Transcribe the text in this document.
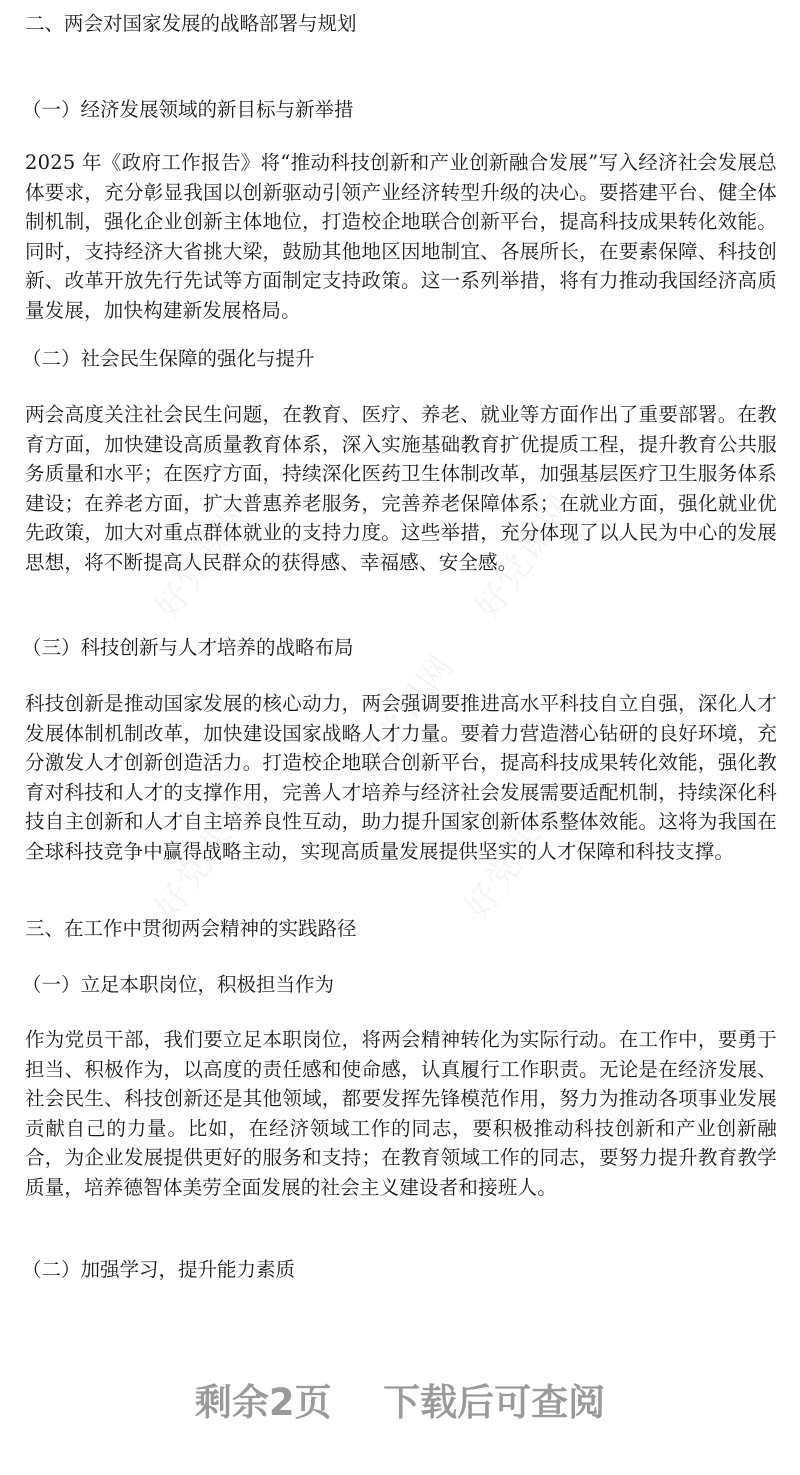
好党课网	好党课网
好党课网
好党课网	好党课网
二、两会对国家发展的战略部署与规划
（一）经济发展领域的新目标与新举措

2025 年《政府工作报告》将“推动科技创新和产业创新融合发展”写入经济社会发展总体要求，充分彰显我国以创新驱动引领产业经济转型升级的决心。要搭建平台、健全体制机制，强化企业创新主体地位，打造校企地联合创新平台，提高科技成果转化效能。同时，支持经济大省挑大梁，鼓励其他地区因地制宜、各展所长，在要素保障、科技创新、改革开放先行先试等方面制定支持政策。这一系列举措，将有力推动我国经济高质量发展，加快构建新发展格局。

（二）社会民生保障的强化与提升

两会高度关注社会民生问题，在教育、医疗、养老、就业等方面作出了重要部署。在教育方面，加快建设高质量教育体系，深入实施基础教育扩优提质工程，提升教育公共服务质量和水平；在医疗方面，持续深化医药卫生体制改革，加强基层医疗卫生服务体系建设；在养老方面，扩大普惠养老服务，完善养老保障体系；在就业方面，强化就业优先政策，加大对重点群体就业的支持力度。这些举措，充分体现了以人民为中心的发展思想，将不断提高人民群众的获得感、幸福感、安全感。

（三）科技创新与人才培养的战略布局

科技创新是推动国家发展的核心动力，两会强调要推进高水平科技自立自强，深化人才发展体制机制改革，加快建设国家战略人才力量。要着力营造潜心钻研的良好环境，充分激发人才创新创造活力。打造校企地联合创新平台，提高科技成果转化效能，强化教育对科技和人才的支撑作用，完善人才培养与经济社会发展需要适配机制，持续深化科技自主创新和人才自主培养良性互动，助力提升国家创新体系整体效能。这将为我国在全球科技竞争中赢得战略主动，实现高质量发展提供坚实的人才保障和科技支撑。

三、在工作中贯彻两会精神的实践路径
（一）立足本职岗位，积极担当作为

作为党员干部，我们要立足本职岗位，将两会精神转化为实际行动。在工作中，要勇于担当、积极作为，以高度的责任感和使命感，认真履行工作职责。无论是在经济发展、社会民生、科技创新还是其他领域，都要发挥先锋模范作用，努力为推动各项事业发展贡献自己的力量。比如，在经济领域工作的同志，要积极推动科技创新和产业创新融合，为企业发展提供更好的服务和支持；在教育领域工作的同志，要努力提升教育教学质量，培养德智体美劳全面发展的社会主义建设者和接班人。

（二）加强学习，提升能力素质
剩余2页    下载后可查阅
